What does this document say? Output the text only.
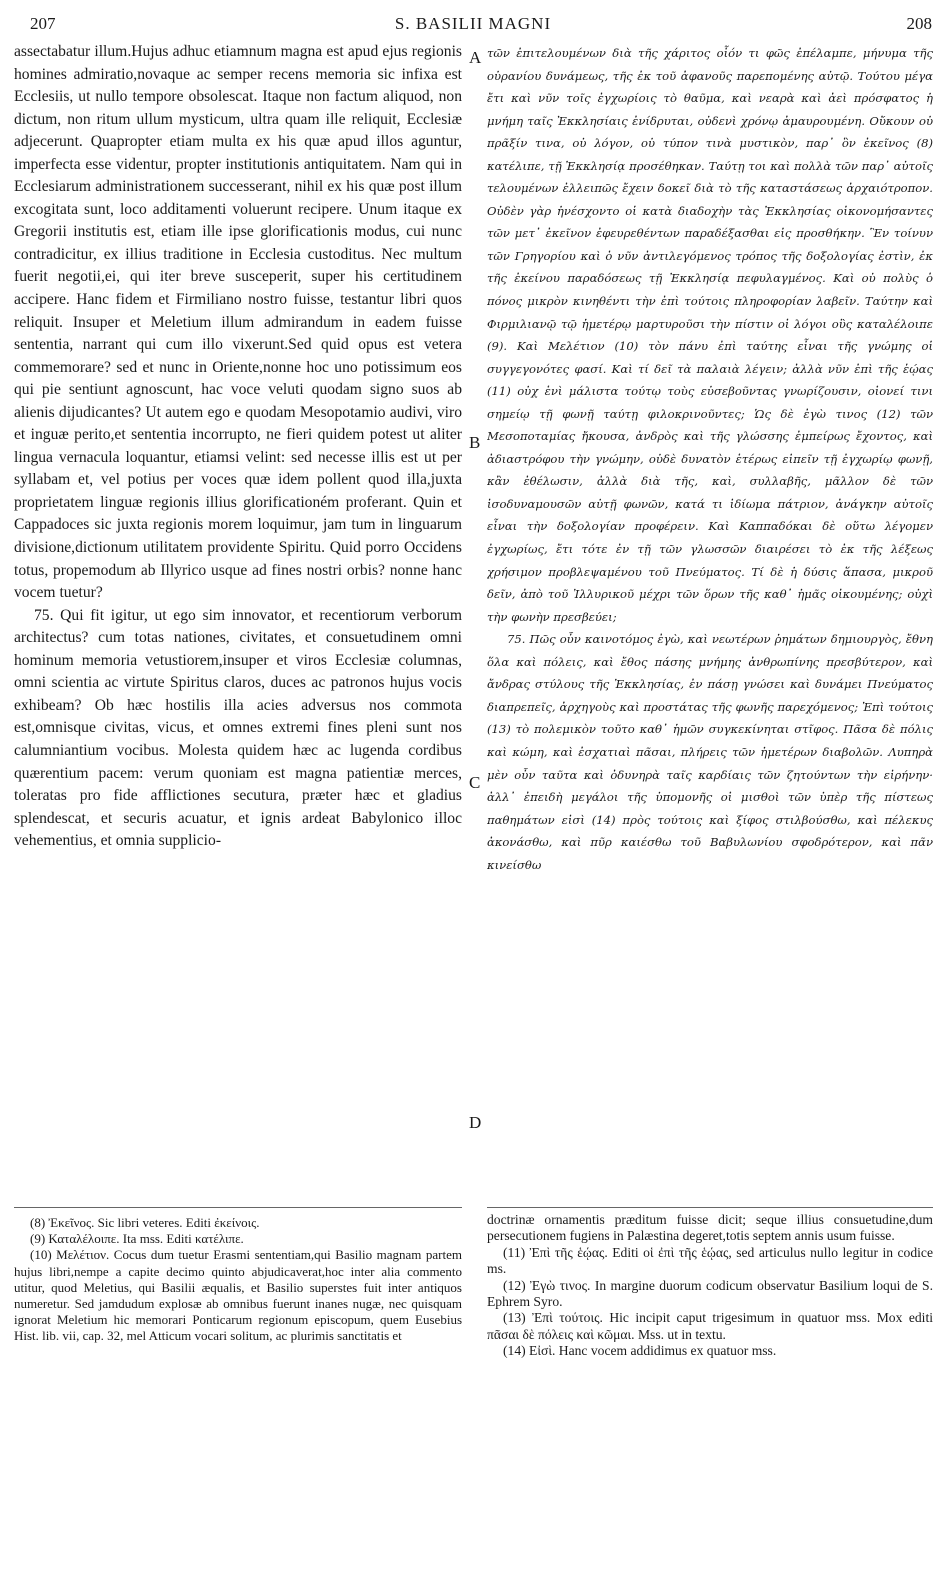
207	S. BASILII MAGNI	208

assectabatur illum.Hujus adhuc etiamnum magna est apud ejus regionis homines admiratio,novaque ac semper recens memoria sic infixa est Ecclesiis, ut nullo tempore obsolescat. Itaque non factum aliquod, non dictum, non ritum ullum mysticum, ultra quam ille reliquit, Ecclesiæ adjecerunt. Quapropter etiam multa ex his quæ apud illos aguntur, imperfecta esse videntur, propter institutionis antiquitatem. Nam qui in Ecclesiarum administrationem successerant, nihil ex his quæ post illum excogitata sunt, loco additamenti voluerunt recipere. Unum itaque ex Gregorii institutis est, etiam ille ipse glorificationis modus, cui nunc contradicitur, ex illius traditione in Ecclesia custoditus. Nec multum fuerit negotii,ei, qui iter breve susceperit, super his certitudinem accipere. Hanc fidem et Firmiliano nostro fuisse, testantur libri quos reliquit. Insuper et Meletium illum admirandum in eadem fuisse sententia, narrant qui cum illo vixerunt.Sed quid opus est vetera commemorare? sed et nunc in Oriente,nonne hoc uno potissimum eos qui pie sentiunt agnoscunt, hac voce veluti quodam signo suos ab alienis dijudicantes? Ut autem ego e quodam Mesopotamio audivi, viro et inguæ perito,et sententia incorrupto, ne fieri quidem potest ut aliter lingua vernacula loquantur, etiamsi velint: sed necesse illis est ut per syllabam et, vel potius per voces quæ idem pollent quod illa,juxta proprietatem linguæ regionis illius glorificationém proferant. Quin et Cappadoces sic juxta regionis morem loquimur, jam tum in linguarum divisione,dictionum utilitatem providente Spiritu. Quid porro Occidens totus, propemodum ab Illyrico usque ad fines nostri orbis? nonne hanc vocem tuetur?

75. Qui fit igitur, ut ego sim innovator, et recentiorum verborum architectus? cum totas nationes, civitates, et consuetudinem omni hominum memoria vetustiorem,insuper et viros Ecclesiæ columnas, omni scientia ac virtute Spiritus claros, duces ac patronos hujus vocis exhibeam? Ob hæc hostilis illa acies adversus nos commota est,omnisque civitas, vicus, et omnes extremi fines pleni sunt nos calumniantium vocibus. Molesta quidem hæc ac lugenda cordibus quærentium pacem: verum quoniam est magna patientiæ merces, toleratas pro fide afflictiones secutura, præter hæc et gladius splendescat, et securis acuatur, et ignis ardeat Babylonico illoc vehementius, et omnia supplicio-

A
B
C
D

τῶν ἐπιτελουμένων διὰ τῆς χάριτος οἷόν τι φῶς ἐπέλαμπε, μήνυμα τῆς οὐρανίου δυνάμεως, τῆς ἐκ τοῦ ἀφανοῦς παρεπομένης αὐτῷ. Τούτου μέγα ἔτι καὶ νῦν τοῖς ἐγχωρίοις τὸ θαῦμα, καὶ νεαρὰ καὶ ἀεὶ πρόσφατος ἡ μνήμη ταῖς Ἐκκλησίαις ἐνίδρυται, οὐδενὶ χρόνῳ ἀμαυρουμένη. Οὔκουν οὐ πρᾶξίν τινα, οὐ λόγον, οὐ τύπον τινὰ μυστικὸν, παρ᾽ ὃν ἐκεῖνος (8) κατέλιπε, τῇ Ἐκκλησίᾳ προσέθηκαν. Ταύτῃ τοι καὶ πολλὰ τῶν παρ᾽ αὐτοῖς τελουμένων ἐλλειπῶς ἔχειν δοκεῖ διὰ τὸ τῆς καταστάσεως ἀρχαιότροπον. Οὐδὲν γὰρ ἠνέσχοντο οἱ κατὰ διαδοχὴν τὰς Ἐκκλησίας οἰκονομήσαντες τῶν μετ᾽ ἐκεῖνον ἐφευρεθέντων παραδέξασθαι εἰς προσθήκην. Ἓν τοίνυν τῶν Γρηγορίου καὶ ὁ νῦν ἀντιλεγόμενος τρόπος τῆς δοξολογίας ἐστὶν, ἐκ τῆς ἐκείνου παραδόσεως τῇ Ἐκκλησίᾳ πεφυλαγμένος. Καὶ οὐ πολὺς ὁ πόνος μικρὸν κινηθέντι τὴν ἐπὶ τούτοις πληροφορίαν λαβεῖν. Ταύτην καὶ Φιρμιλιανῷ τῷ ἡμετέρῳ μαρτυροῦσι τὴν πίστιν οἱ λόγοι οὓς καταλέλοιπε (9). Καὶ Μελέτιον (10) τὸν πάνυ ἐπὶ ταύτης εἶναι τῆς γνώμης οἱ συγγεγονότες φασί. Καὶ τί δεῖ τὰ παλαιὰ λέγειν; ἀλλὰ νῦν ἐπὶ τῆς ἑῴας (11) οὐχ ἑνὶ μάλιστα τούτῳ τοὺς εὐσεβοῦντας γνωρίζουσιν, οἱονεί τινι σημείῳ τῇ φωνῇ ταύτῃ φιλοκρινοῦντες; Ὡς δὲ ἐγὼ τινος (12) τῶν Μεσοποταμίας ἤκουσα, ἀνδρὸς καὶ τῆς γλώσσης ἐμπείρως ἔχοντος, καὶ ἀδιαστρόφου τὴν γνώμην, οὐδὲ δυνατὸν ἑτέρως εἰπεῖν τῇ ἐγχωρίῳ φωνῇ, κἂν ἐθέλωσιν, ἀλλὰ διὰ τῆς, καὶ, συλλαβῆς, μᾶλλον δὲ τῶν ἰσοδυναμουσῶν αὐτῇ φωνῶν, κατά τι ἰδίωμα πάτριον, ἀνάγκην αὐτοῖς εἶναι τὴν δοξολογίαν προφέρειν. Καὶ Καππαδόκαι δὲ οὕτω λέγομεν ἐγχωρίως, ἔτι τότε ἐν τῇ τῶν γλωσσῶν διαιρέσει τὸ ἐκ τῆς λέξεως χρήσιμον προβλεψαμένου τοῦ Πνεύματος. Τί δὲ ἡ δύσις ἅπασα, μικροῦ δεῖν, ἀπὸ τοῦ Ἰλλυρικοῦ μέχρι τῶν ὅρων τῆς καθ᾽ ἡμᾶς οἰκουμένης; οὐχὶ τὴν φωνὴν πρεσβεύει;

75. Πῶς οὖν καινοτόμος ἐγὼ, καὶ νεωτέρων ῥημάτων δημιουργὸς, ἔθνη ὅλα καὶ πόλεις, καὶ ἔθος πάσης μνήμης ἀνθρωπίνης πρεσβύτερον, καὶ ἄνδρας στύλους τῆς Ἐκκλησίας, ἐν πάσῃ γνώσει καὶ δυνάμει Πνεύματος διαπρεπεῖς, ἀρχηγοὺς καὶ προστάτας τῆς φωνῆς παρεχόμενος; Ἐπὶ τούτοις (13) τὸ πολεμικὸν τοῦτο καθ᾽ ἡμῶν συγκεκίνηται στῖφος. Πᾶσα δὲ πόλις καὶ κώμη, καὶ ἐσχατιαὶ πᾶσαι, πλήρεις τῶν ἡμετέρων διαβολῶν. Λυπηρὰ μὲν οὖν ταῦτα καὶ ὀδυνηρὰ ταῖς καρδίαις τῶν ζητούντων τὴν εἰρήνην· ἀλλ᾽ ἐπειδὴ μεγάλοι τῆς ὑπομονῆς οἱ μισθοὶ τῶν ὑπὲρ τῆς πίστεως παθημάτων εἰσὶ (14) πρὸς τούτοις καὶ ξίφος στιλβούσθω, καὶ πέλεκυς ἀκονάσθω, καὶ πῦρ καιέσθω τοῦ Βαβυλωνίου σφοδρότερον, καὶ πᾶν κινείσθω

(8) Ἐκεῖνος. Sic libri veteres. Editi ἐκείνοις.

(9) Καταλέλοιπε. Ita mss. Editi κατέλιπε.

(10) Μελέτιον. Cocus dum tuetur Erasmi sententiam,qui Basilio magnam partem hujus libri,nempe a capite decimo quinto abjudicaverat,hoc inter alia commento utitur, quod Meletius, qui Basilii æqualis, et Basilio superstes fuit inter antiquos numeretur. Sed jamdudum explosæ ab omnibus fuerunt inanes nugæ, nec quisquam ignorat Meletium hic memorari Ponticarum regionum episcopum, quem Eusebius Hist. lib. vii, cap. 32, mel Atticum vocari solitum, ac plurimis sanctitatis et

doctrinæ ornamentis præditum fuisse dicit; seque illius consuetudine,dum persecutionem fugiens in Palæstina degeret,totis septem annis usum fuisse.

(11) Ἐπὶ τῆς ἑῴας. Editi οἱ ἐπὶ τῆς ἑῴας, sed articulus nullo legitur in codice ms.

(12) Ἐγὼ τινος. In margine duorum codicum observatur Basilium loqui de S. Ephrem Syro.

(13) Ἐπὶ τούτοις. Hic incipit caput trigesimum in quatuor mss. Mox editi πᾶσαι δὲ πόλεις καὶ κῶμαι. Mss. ut in textu.

(14) Εἰσὶ. Hanc vocem addidimus ex quatuor mss.
